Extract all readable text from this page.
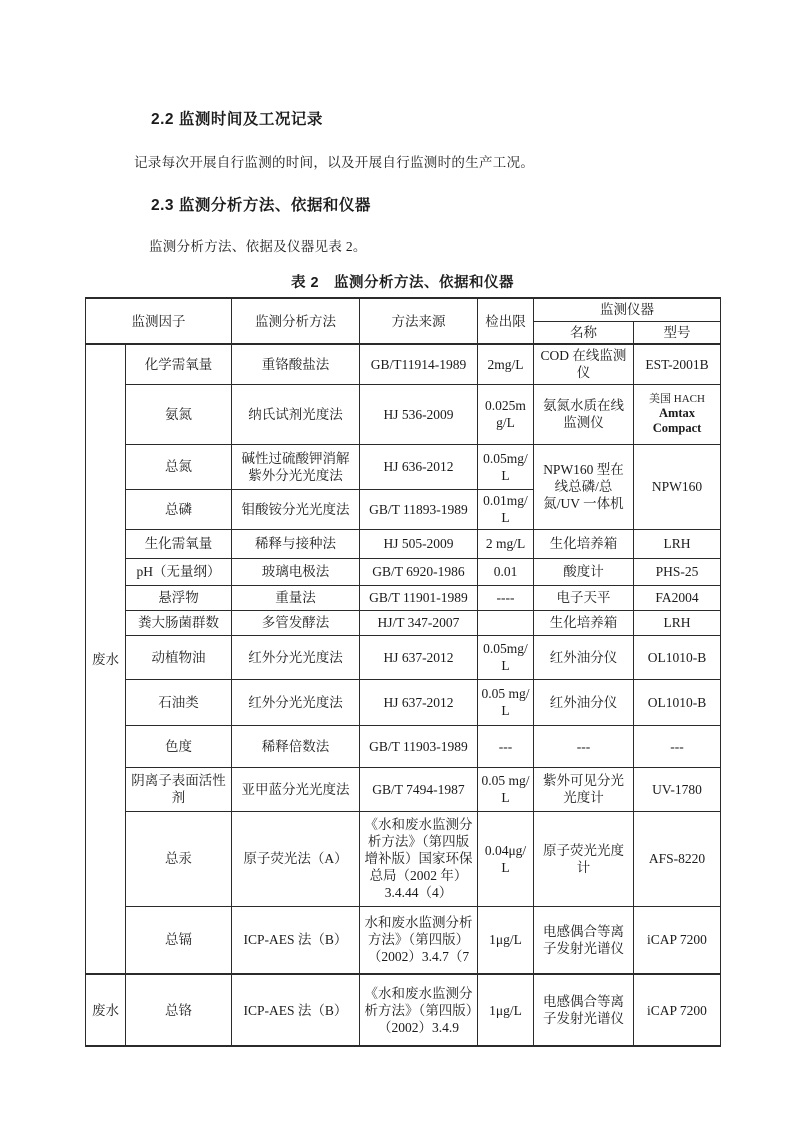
2.2 监测时间及工况记录

记录每次开展自行监测的时间，以及开展自行监测时的生产工况。

2.3 监测分析方法、依据和仪器

监测分析方法、依据及仪器见表 2。

表 2　监测分析方法、依据和仪器
监测因子		监测分析方法	方法来源	检出限	监测仪器	
					名称	型号
废水	化学需氧量	重铬酸盐法	GB/T11914-1989	2mg/L	COD 在线监测仪	EST-2001B
	氨氮	纳氏试剂光度法	HJ 536-2009	0.025mg/L	氨氮水质在线监测仪	美国 HACH
Amtax Compact

	总氮	碱性过硫酸钾消解紫外分光光度法	HJ 636-2012	0.05mg/L	NPW160 型在线总磷/总氮/UV 一体机	NPW160
	总磷	钼酸铵分光光度法	GB/T 11893-1989	0.01mg/L		
	生化需氧量	稀释与接种法	HJ 505-2009	2 mg/L	生化培养箱	LRH
	pH（无量纲）	玻璃电极法	GB/T 6920-1986	0.01	酸度计	PHS-25
	悬浮物	重量法	GB/T 11901-1989	----	电子天平	FA2004
	粪大肠菌群数	多管发酵法	HJ/T 347-2007		生化培养箱	LRH
	动植物油	红外分光光度法	HJ 637-2012	0.05mg/L	红外油分仪	OL1010-B
	石油类	红外分光光度法	HJ 637-2012	0.05 mg/L	红外油分仪	OL1010-B
	色度	稀释倍数法	GB/T 11903-1989	---	---	---
	阴离子表面活性剂	亚甲蓝分光光度法	GB/T 7494-1987	0.05 mg/L	紫外可见分光光度计	UV-1780
	总汞	原子荧光法（A）	《水和废水监测分析方法》（第四版增补版）国家环保总局（2002 年）3.4.44（4）	0.04μg/L	原子荧光光度计	AFS-8220
	总镉	ICP-AES 法（B）	水和废水监测分析方法》（第四版）（2002）3.4.7（7	1μg/L	电感偶合等离子发射光谱仪	iCAP 7200
废水	总铬	ICP-AES 法（B）	《水和废水监测分析方法》（第四版）（2002）3.4.9	1μg/L	电感偶合等离子发射光谱仪	iCAP 7200
